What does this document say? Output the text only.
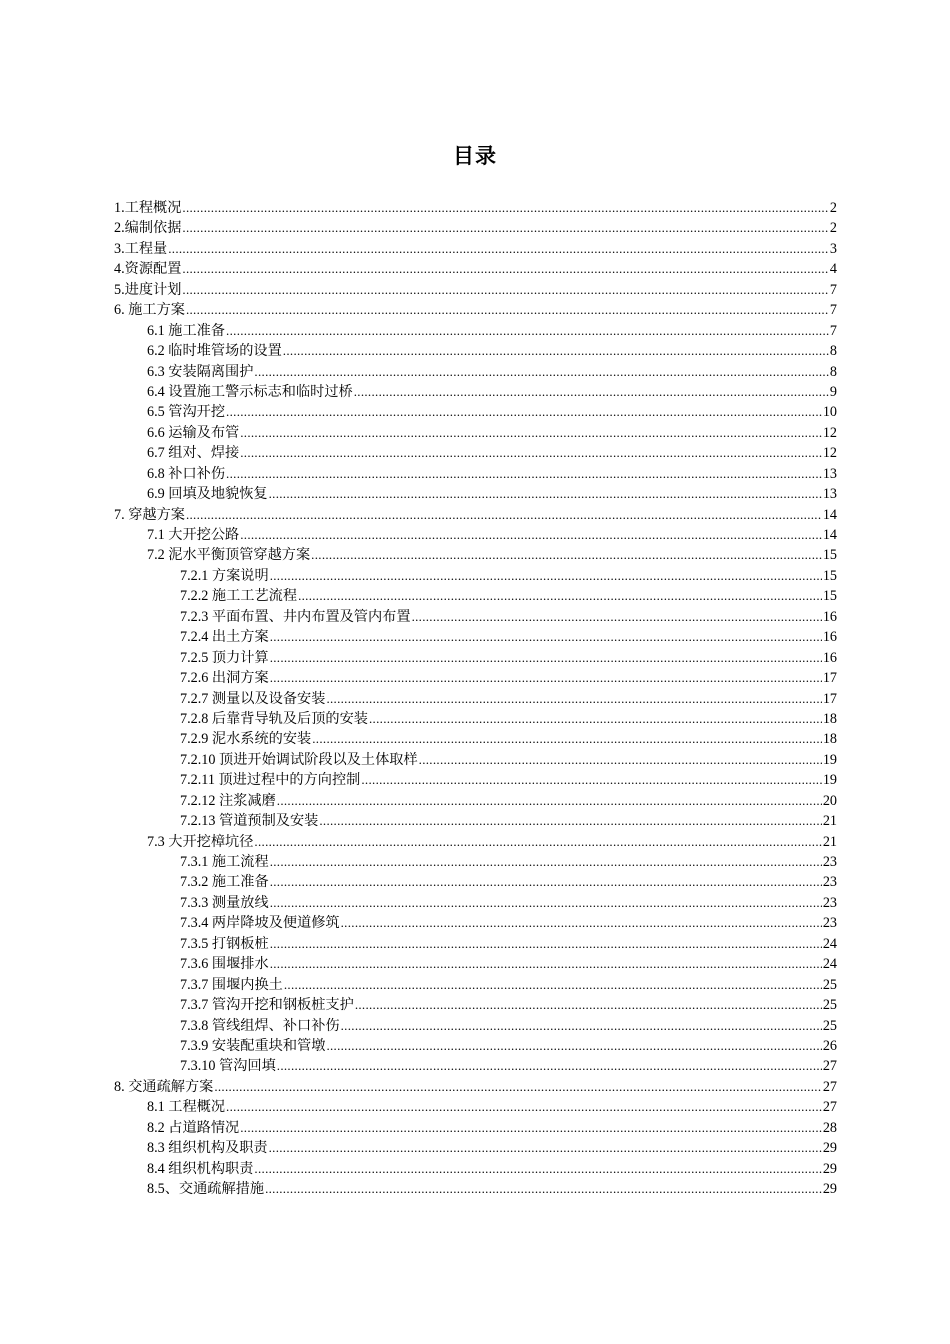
目录
1.工程概况 .....	2
2.编制依据 .....	2
3.工程量 .....	3
4.资源配置 .....	4
5.进度计划 .....	7
6. 施工方案 .....	7
6.1 施工准备 .....	7
6.2 临时堆管场的设置 .....	8
6.3 安装隔离围护 .....	8
6.4 设置施工警示标志和临时过桥 .....	9
6.5 管沟开挖 .....	10
6.6 运输及布管 .....	12
6.7 组对、焊接 .....	12
6.8 补口补伤 .....	13
6.9 回填及地貌恢复 .....	13
7. 穿越方案 .....	14
7.1 大开挖公路 .....	14
7.2 泥水平衡顶管穿越方案 .....	15
7.2.1 方案说明 .....	15
7.2.2 施工工艺流程 .....	15
7.2.3 平面布置、井内布置及管内布置 .....	16
7.2.4 出土方案 .....	16
7.2.5 顶力计算 .....	16
7.2.6 出洞方案 .....	17
7.2.7 测量以及设备安装 .....	17
7.2.8 后靠背导轨及后顶的安装 .....	18
7.2.9 泥水系统的安装 .....	18
7.2.10 顶进开始调试阶段以及土体取样 .....	19
7.2.11 顶进过程中的方向控制 .....	19
7.2.12 注浆减磨 .....	20
7.2.13 管道预制及安装 .....	21
7.3 大开挖樟坑径 .....	21
7.3.1 施工流程 .....	23
7.3.2 施工准备 .....	23
7.3.3 测量放线 .....	23
7.3.4 两岸降坡及便道修筑 .....	23
7.3.5 打钢板桩 .....	24
7.3.6 围堰排水 .....	24
7.3.7 围堰内换土 .....	25
7.3.7 管沟开挖和钢板桩支护 .....	25
7.3.8 管线组焊、补口补伤 .....	25
7.3.9 安装配重块和管墩 .....	26
7.3.10 管沟回填 .....	27
8. 交通疏解方案 .....	27
8.1 工程概况 .....	27
8.2 占道路情况 .....	28
8.3 组织机构及职责 .....	29
8.4 组织机构职责 .....	29
8.5、交通疏解措施 .....	29
